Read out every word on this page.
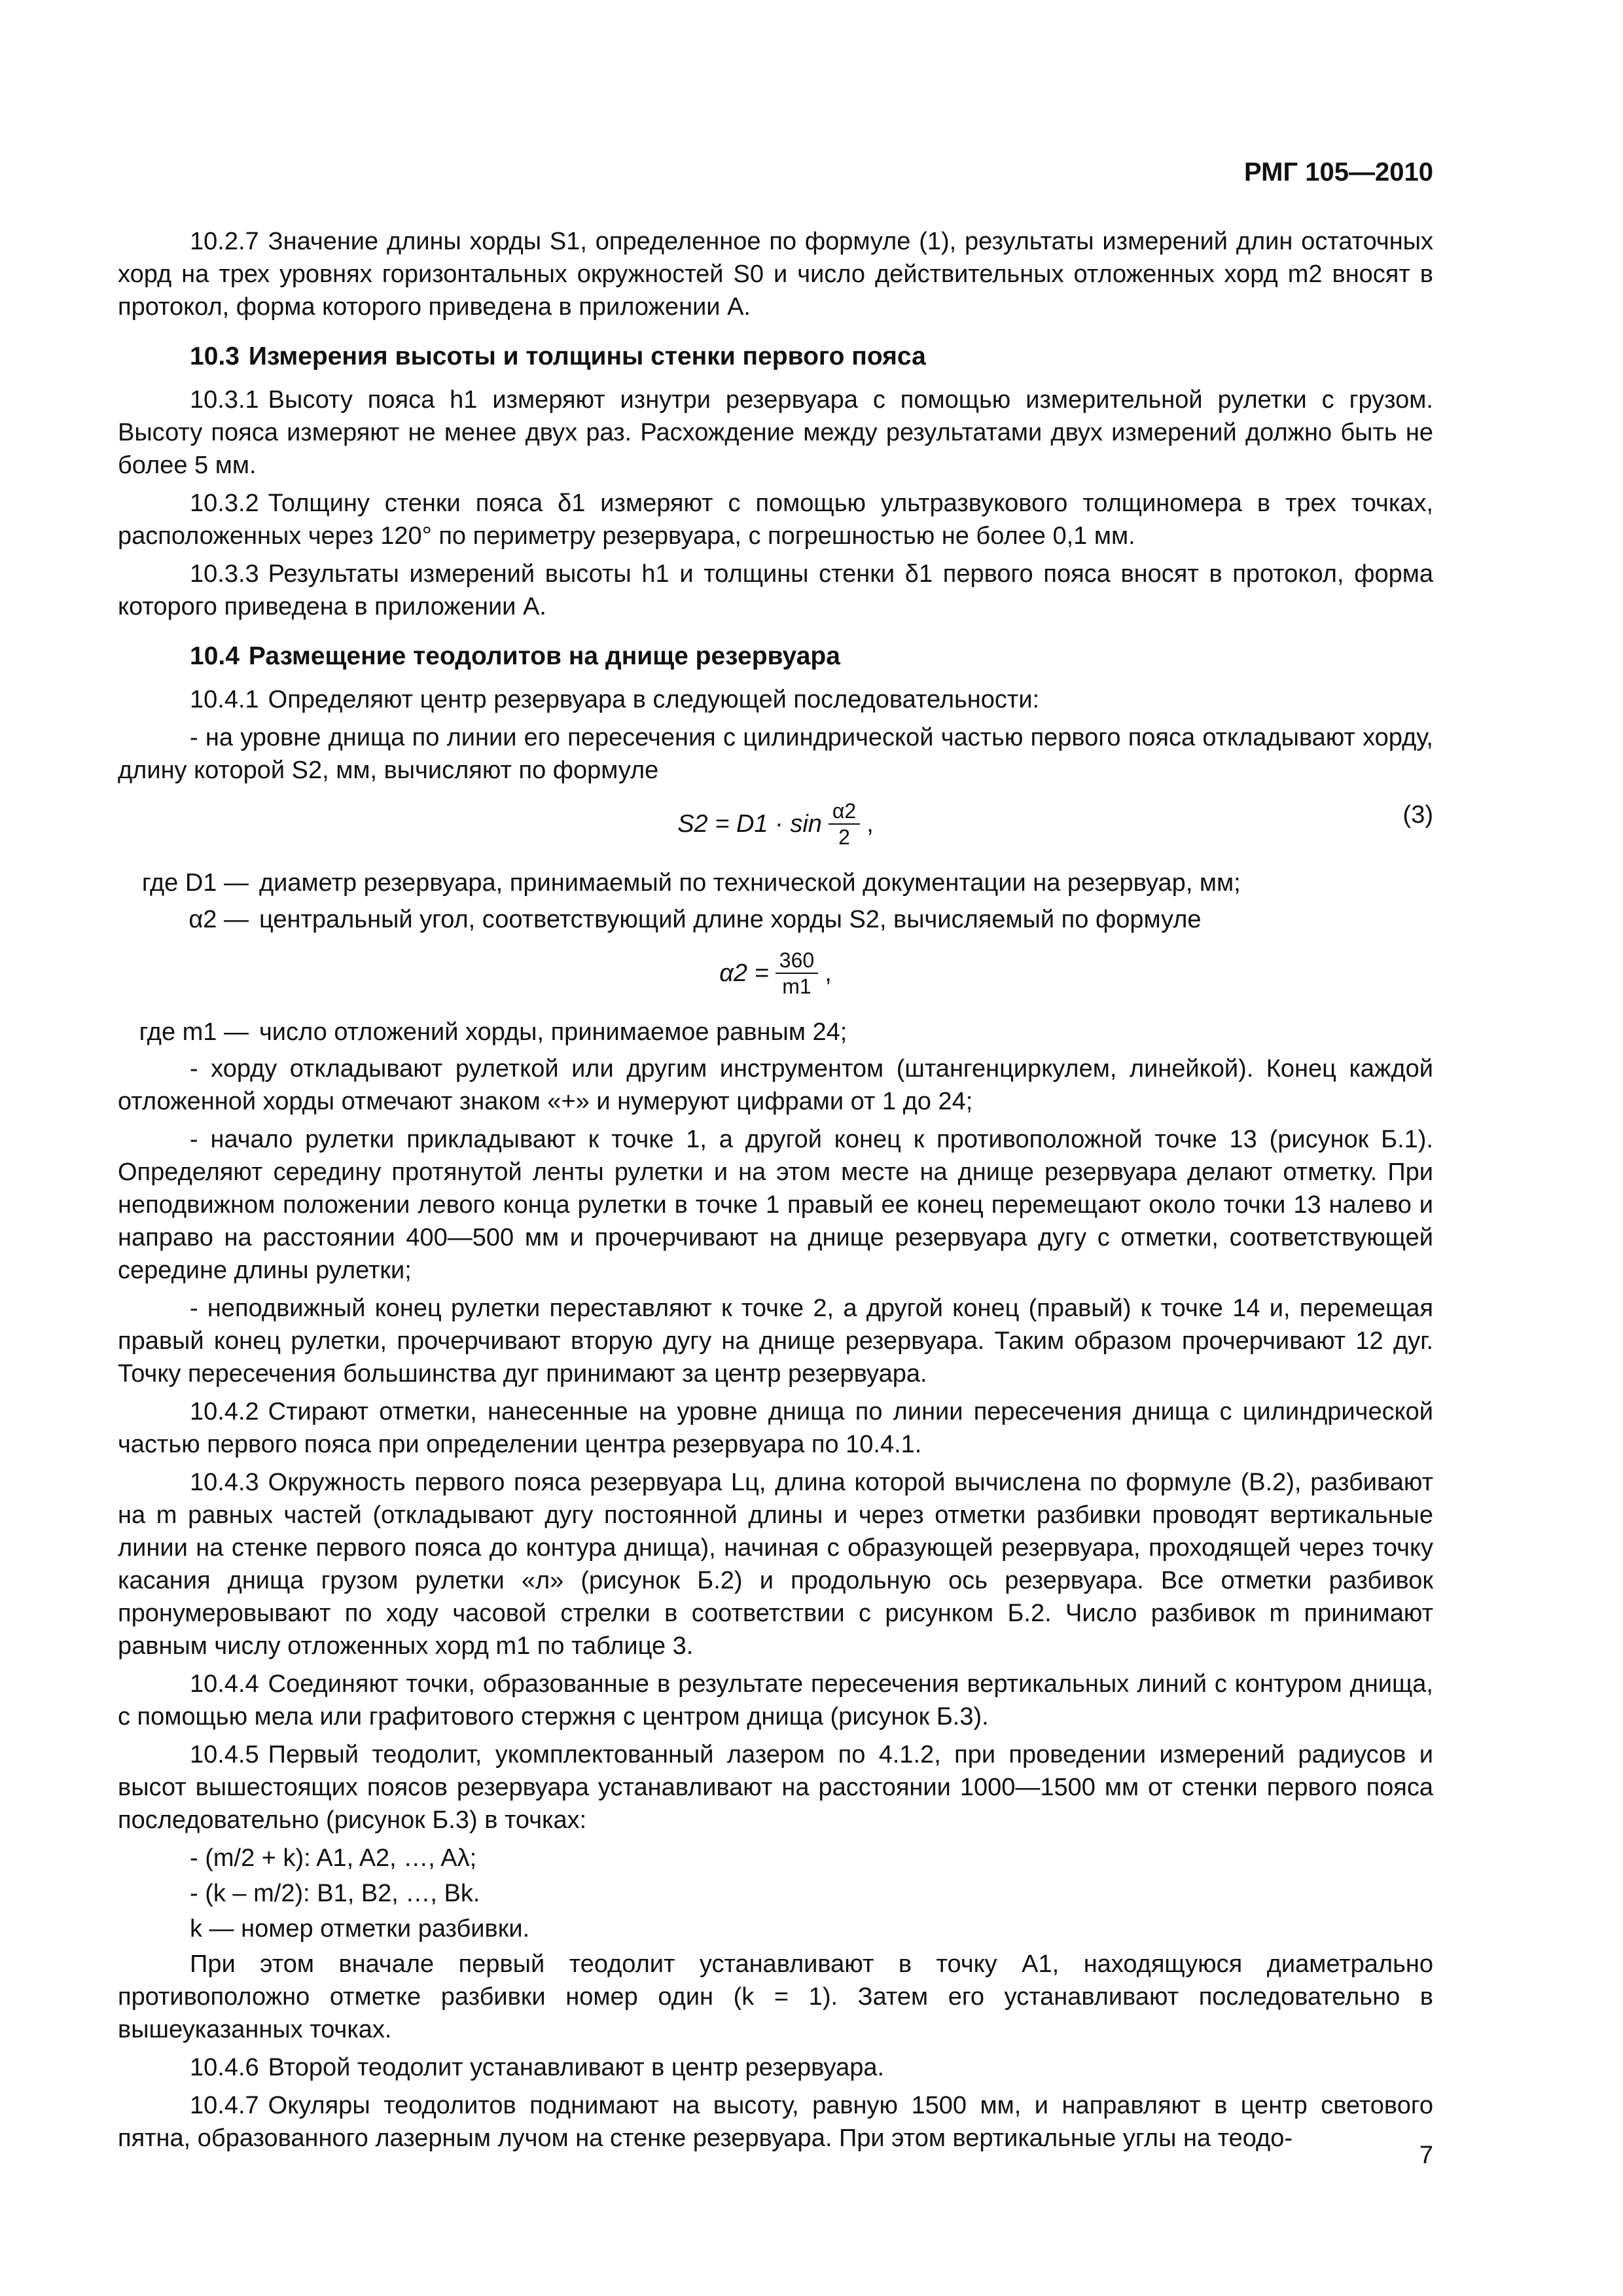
РМГ 105—2010

10.2.7 Значение длины хорды S1, определенное по формуле (1), результаты измерений длин остаточных хорд на трех уровнях горизонтальных окружностей S0 и число действительных отложенных хорд m2 вносят в протокол, форма которого приведена в приложении А.

10.3 Измерения высоты и толщины стенки первого пояса

10.3.1 Высоту пояса h1 измеряют изнутри резервуара с помощью измерительной рулетки с грузом. Высоту пояса измеряют не менее двух раз. Расхождение между результатами двух измерений должно быть не более 5 мм.

10.3.2 Толщину стенки пояса δ1 измеряют с помощью ультразвукового толщиномера в трех точках, расположенных через 120° по периметру резервуара, с погрешностью не более 0,1 мм.

10.3.3 Результаты измерений высоты h1 и толщины стенки δ1 первого пояса вносят в протокол, форма которого приведена в приложении А.

10.4 Размещение теодолитов на днище резервуара

10.4.1 Определяют центр резервуара в следующей последовательности:

- на уровне днища по линии его пересечения с цилиндрической частью первого пояса откладывают хорду, длину которой S2, мм, вычисляют по формуле

$S2 = D1 \cdot \sin \frac{\alpha 2}{2}$ ,	(3)
где D1 — диаметр резервуара, принимаемый по технической документации на резервуар, мм;
α2 — центральный угол, соответствующий длине хорды S2, вычисляемый по формуле
$\alpha 2 = \frac{360}{m1}$ ,
где m1 — число отложений хорды, принимаемое равным 24;

- хорду откладывают рулеткой или другим инструментом (штангенциркулем, линейкой). Конец каждой отложенной хорды отмечают знаком «+» и нумеруют цифрами от 1 до 24;

- начало рулетки прикладывают к точке 1, а другой конец к противоположной точке 13 (рисунок Б.1). Определяют середину протянутой ленты рулетки и на этом месте на днище резервуара делают отметку. При неподвижном положении левого конца рулетки в точке 1 правый ее конец перемещают около точки 13 налево и направо на расстоянии 400—500 мм и прочерчивают на днище резервуара дугу с отметки, соответствующей середине длины рулетки;

- неподвижный конец рулетки переставляют к точке 2, а другой конец (правый) к точке 14 и, перемещая правый конец рулетки, прочерчивают вторую дугу на днище резервуара. Таким образом прочерчивают 12 дуг. Точку пересечения большинства дуг принимают за центр резервуара.

10.4.2 Стирают отметки, нанесенные на уровне днища по линии пересечения днища с цилиндрической частью первого пояса при определении центра резервуара по 10.4.1.

10.4.3 Окружность первого пояса резервуара Lц, длина которой вычислена по формуле (В.2), разбивают на m равных частей (откладывают дугу постоянной длины и через отметки разбивки проводят вертикальные линии на стенке первого пояса до контура днища), начиная с образующей резервуара, проходящей через точку касания днища грузом рулетки «л» (рисунок Б.2) и продольную ось резервуара. Все отметки разбивок пронумеровывают по ходу часовой стрелки в соответствии с рисунком Б.2. Число разбивок m принимают равным числу отложенных хорд m1 по таблице 3.

10.4.4 Соединяют точки, образованные в результате пересечения вертикальных линий с контуром днища, с помощью мела или графитового стержня с центром днища (рисунок Б.3).

10.4.5 Первый теодолит, укомплектованный лазером по 4.1.2, при проведении измерений радиусов и высот вышестоящих поясов резервуара устанавливают на расстоянии 1000—1500 мм от стенки первого пояса последовательно (рисунок Б.3) в точках:

- (m/2 + k): A1, A2, …, Aλ;

- (k – m/2): B1, B2, …, Bk.

k — номер отметки разбивки.

При этом вначале первый теодолит устанавливают в точку A1, находящуюся диаметрально противоположно отметке разбивки номер один (k = 1). Затем его устанавливают последовательно в вышеуказанных точках.

10.4.6 Второй теодолит устанавливают в центр резервуара.

10.4.7 Окуляры теодолитов поднимают на высоту, равную 1500 мм, и направляют в центр светового пятна, образованного лазерным лучом на стенке резервуара. При этом вертикальные углы на теодо-

7
